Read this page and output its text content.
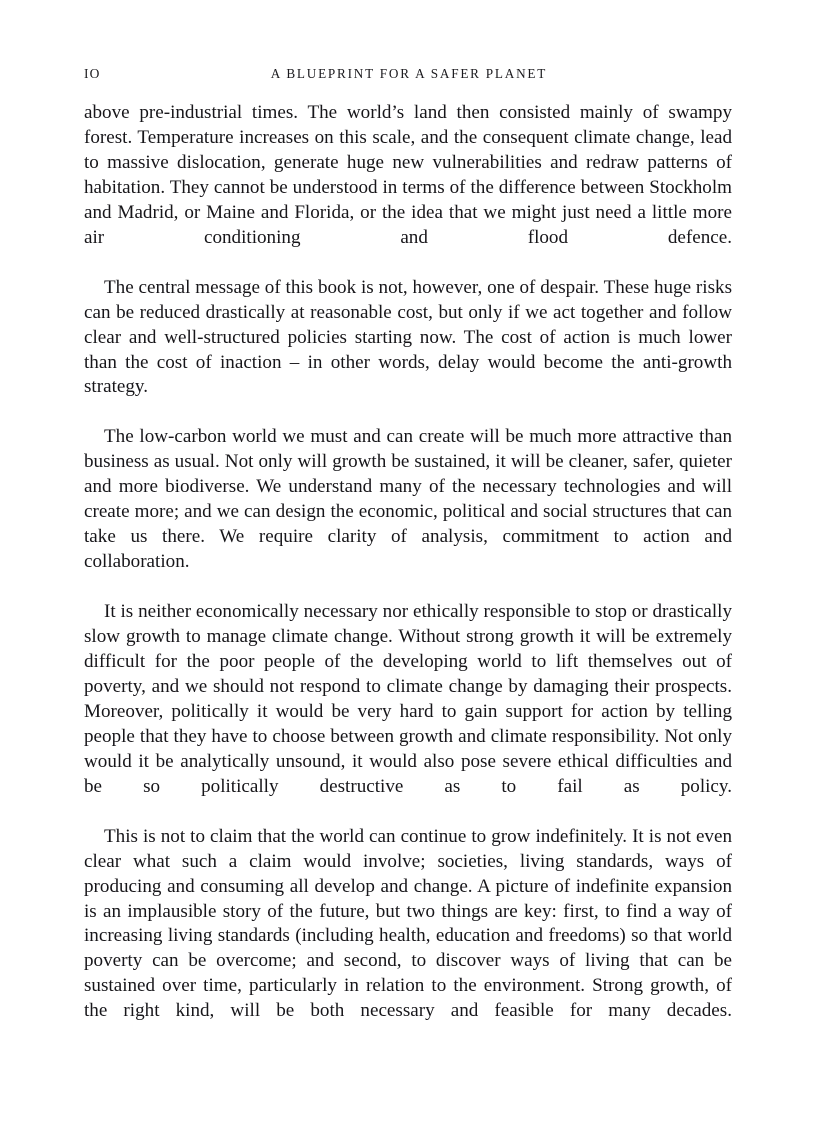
IO	A BLUEPRINT FOR A SAFER PLANET

above pre-industrial times. The world’s land then consisted mainly of swampy forest. Temperature increases on this scale, and the consequent climate change, lead to massive dislocation, generate huge new vulnerabilities and redraw patterns of habitation. They cannot be understood in terms of the difference between Stockholm and Madrid, or Maine and Florida, or the idea that we might just need a little more air conditioning and flood defence.

The central message of this book is not, however, one of despair. These huge risks can be reduced drastically at reasonable cost, but only if we act together and follow clear and well-structured policies starting now. The cost of action is much lower than the cost of inaction – in other words, delay would become the anti-growth strategy.

The low-carbon world we must and can create will be much more attractive than business as usual. Not only will growth be sustained, it will be cleaner, safer, quieter and more biodiverse. We understand many of the necessary technologies and will create more; and we can design the economic, political and social structures that can take us there. We require clarity of analysis, commitment to action and collaboration.

It is neither economically necessary nor ethically responsible to stop or drastically slow growth to manage climate change. Without strong growth it will be extremely difficult for the poor people of the developing world to lift themselves out of poverty, and we should not respond to climate change by damaging their prospects. Moreover, politically it would be very hard to gain support for action by telling people that they have to choose between growth and climate responsibility. Not only would it be analytically unsound, it would also pose severe ethical difficulties and be so politically destructive as to fail as policy.

This is not to claim that the world can continue to grow indefinitely. It is not even clear what such a claim would involve; societies, living standards, ways of producing and consuming all develop and change. A picture of indefinite expansion is an implausible story of the future, but two things are key: first, to find a way of increasing living standards (including health, education and freedoms) so that world poverty can be overcome; and second, to discover ways of living that can be sustained over time, particularly in relation to the environment. Strong growth, of the right kind, will be both necessary and feasible for many decades.
